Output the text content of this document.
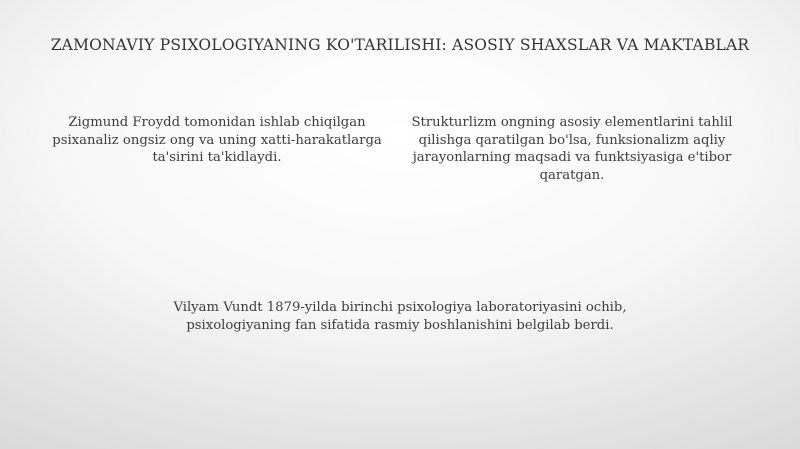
ZAMONAVIY PSIXOLOGIYANING KO'TARILISHI: ASOSIY SHAXSLAR VA MAKTABLAR
Zigmund Froydd tomonidan ishlab chiqilgan psixanaliz ongsiz ong va uning xatti-harakatlarga ta'sirini ta'kidlaydi.
Strukturlizm ongning asosiy elementlarini tahlil qilishga qaratilgan bo'lsa, funksionalizm aqliy jarayonlarning maqsadi va funktsiyasiga e'tibor qaratgan.
Vilyam Vundt 1879-yilda birinchi psixologiya laboratoriyasini ochib, psixologiyaning fan sifatida rasmiy boshlanishini belgilab berdi.
